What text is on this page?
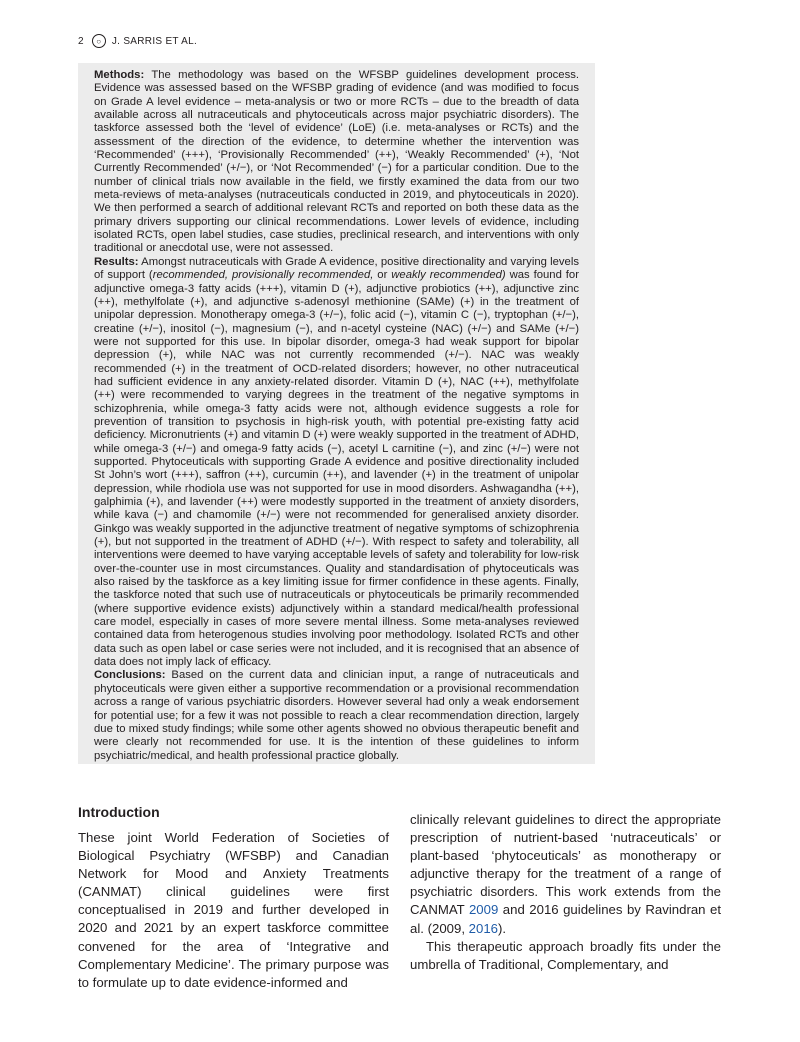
2	○	J. SARRIS ET AL.

Methods: The methodology was based on the WFSBP guidelines development process. Evidence was assessed based on the WFSBP grading of evidence (and was modified to focus on Grade A level evidence – meta-analysis or two or more RCTs – due to the breadth of data available across all nutraceuticals and phytoceuticals across major psychiatric disorders). The taskforce assessed both the ‘level of evidence’ (LoE) (i.e. meta-analyses or RCTs) and the assessment of the direction of the evidence, to determine whether the intervention was ‘Recommended’ (+++), ‘Provisionally Recommended’ (++), ‘Weakly Recommended’ (+), ‘Not Currently Recommended’ (+/−), or ‘Not Recommended’ (−) for a particular condition. Due to the number of clinical trials now available in the field, we firstly examined the data from our two meta-reviews of meta-analyses (nutraceuticals conducted in 2019, and phytoceuticals in 2020). We then performed a search of additional relevant RCTs and reported on both these data as the primary drivers supporting our clinical recommendations. Lower levels of evidence, including isolated RCTs, open label studies, case studies, preclinical research, and interventions with only traditional or anecdotal use, were not assessed.

Results: Amongst nutraceuticals with Grade A evidence, positive directionality and varying levels of support (recommended, provisionally recommended, or weakly recommended) was found for adjunctive omega-3 fatty acids (+++), vitamin D (+), adjunctive probiotics (++), adjunctive zinc (++), methylfolate (+), and adjunctive s-adenosyl methionine (SAMe) (+) in the treatment of unipolar depression. Monotherapy omega-3 (+/−), folic acid (−), vitamin C (−), tryptophan (+/−), creatine (+/−), inositol (−), magnesium (−), and n-acetyl cysteine (NAC) (+/−) and SAMe (+/−) were not supported for this use. In bipolar disorder, omega-3 had weak support for bipolar depression (+), while NAC was not currently recommended (+/−). NAC was weakly recommended (+) in the treatment of OCD-related disorders; however, no other nutraceutical had sufficient evidence in any anxiety-related disorder. Vitamin D (+), NAC (++), methylfolate (++) were recommended to varying degrees in the treatment of the negative symptoms in schizophrenia, while omega-3 fatty acids were not, although evidence suggests a role for prevention of transition to psychosis in high-risk youth, with potential pre-existing fatty acid deficiency. Micronutrients (+) and vitamin D (+) were weakly supported in the treatment of ADHD, while omega-3 (+/−) and omega-9 fatty acids (−), acetyl L carnitine (−), and zinc (+/−) were not supported. Phytoceuticals with supporting Grade A evidence and positive directionality included St John’s wort (+++), saffron (++), curcumin (++), and lavender (+) in the treatment of unipolar depression, while rhodiola use was not supported for use in mood disorders. Ashwagandha (++), galphimia (+), and lavender (++) were modestly supported in the treatment of anxiety disorders, while kava (−) and chamomile (+/−) were not recommended for generalised anxiety disorder. Ginkgo was weakly supported in the adjunctive treatment of negative symptoms of schizophrenia (+), but not supported in the treatment of ADHD (+/−). With respect to safety and tolerability, all interventions were deemed to have varying acceptable levels of safety and tolerability for low-risk over-the-counter use in most circumstances. Quality and standardisation of phytoceuticals was also raised by the taskforce as a key limiting issue for firmer confidence in these agents. Finally, the taskforce noted that such use of nutraceuticals or phytoceuticals be primarily recommended (where supportive evidence exists) adjunctively within a standard medical/health professional care model, especially in cases of more severe mental illness. Some meta-analyses reviewed contained data from heterogenous studies involving poor methodology. Isolated RCTs and other data such as open label or case series were not included, and it is recognised that an absence of data does not imply lack of efficacy.

Conclusions: Based on the current data and clinician input, a range of nutraceuticals and phytoceuticals were given either a supportive recommendation or a provisional recommendation across a range of various psychiatric disorders. However several had only a weak endorsement for potential use; for a few it was not possible to reach a clear recommendation direction, largely due to mixed study findings; while some other agents showed no obvious therapeutic benefit and were clearly not recommended for use. It is the intention of these guidelines to inform psychiatric/medical, and health professional practice globally.

Introduction

These joint World Federation of Societies of Biological Psychiatry (WFSBP) and Canadian Network for Mood and Anxiety Treatments (CANMAT) clinical guidelines were first conceptualised in 2019 and further developed in 2020 and 2021 by an expert taskforce committee convened for the area of ‘Integrative and Complementary Medicine’. The primary purpose was to formulate up to date evidence-informed and

clinically relevant guidelines to direct the appropriate prescription of nutrient-based ‘nutraceuticals’ or plant-based ‘phytoceuticals’ as monotherapy or adjunctive therapy for the treatment of a range of psychiatric disorders. This work extends from the CANMAT 2009 and 2016 guidelines by Ravindran et al. (2009, 2016).

This therapeutic approach broadly fits under the umbrella of Traditional, Complementary, and
